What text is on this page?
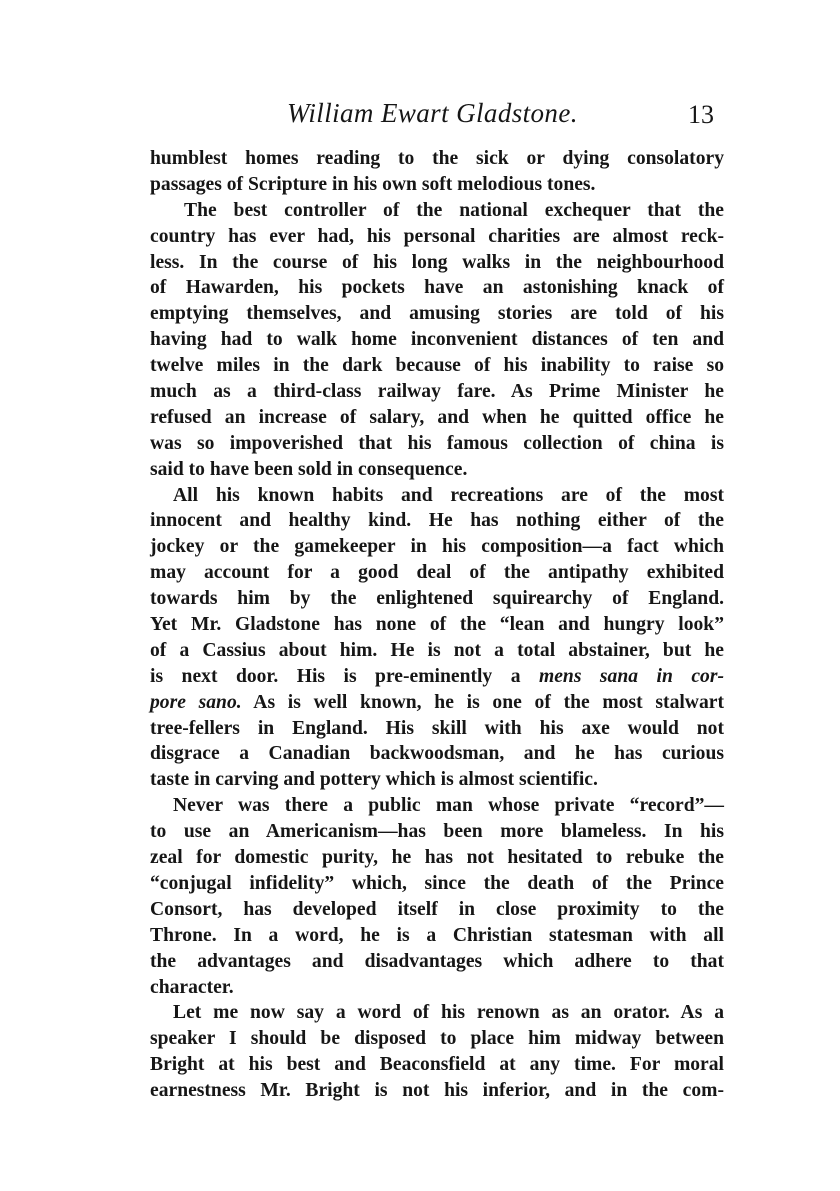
William Ewart Gladstone.	13
humblest homes reading to the sick or dying consolatory
passages of Scripture in his own soft melodious tones.
The best controller of the national exchequer that the
country has ever had, his personal charities are almost reck-
less. In the course of his long walks in the neighbourhood
of Hawarden, his pockets have an astonishing knack of
emptying themselves, and amusing stories are told of his
having had to walk home inconvenient distances of ten and
twelve miles in the dark because of his inability to raise so
much as a third-class railway fare. As Prime Minister he
refused an increase of salary, and when he quitted office he
was so impoverished that his famous collection of china is
said to have been sold in consequence.
All his known habits and recreations are of the most
innocent and healthy kind. He has nothing either of the
jockey or the gamekeeper in his composition—a fact which
may account for a good deal of the antipathy exhibited
towards him by the enlightened squirearchy of England.
Yet Mr. Gladstone has none of the “lean and hungry look”
of a Cassius about him. He is not a total abstainer, but he
is next door. His is pre-eminently a mens sana in cor-
pore sano. As is well known, he is one of the most stalwart
tree-fellers in England. His skill with his axe would not
disgrace a Canadian backwoodsman, and he has curious
taste in carving and pottery which is almost scientific.
Never was there a public man whose private “record”—
to use an Americanism—has been more blameless. In his
zeal for domestic purity, he has not hesitated to rebuke the
“conjugal infidelity” which, since the death of the Prince
Consort, has developed itself in close proximity to the
Throne. In a word, he is a Christian statesman with all
the advantages and disadvantages which adhere to that
character.
Let me now say a word of his renown as an orator. As a
speaker I should be disposed to place him midway between
Bright at his best and Beaconsfield at any time. For moral
earnestness Mr. Bright is not his inferior, and in the com-
